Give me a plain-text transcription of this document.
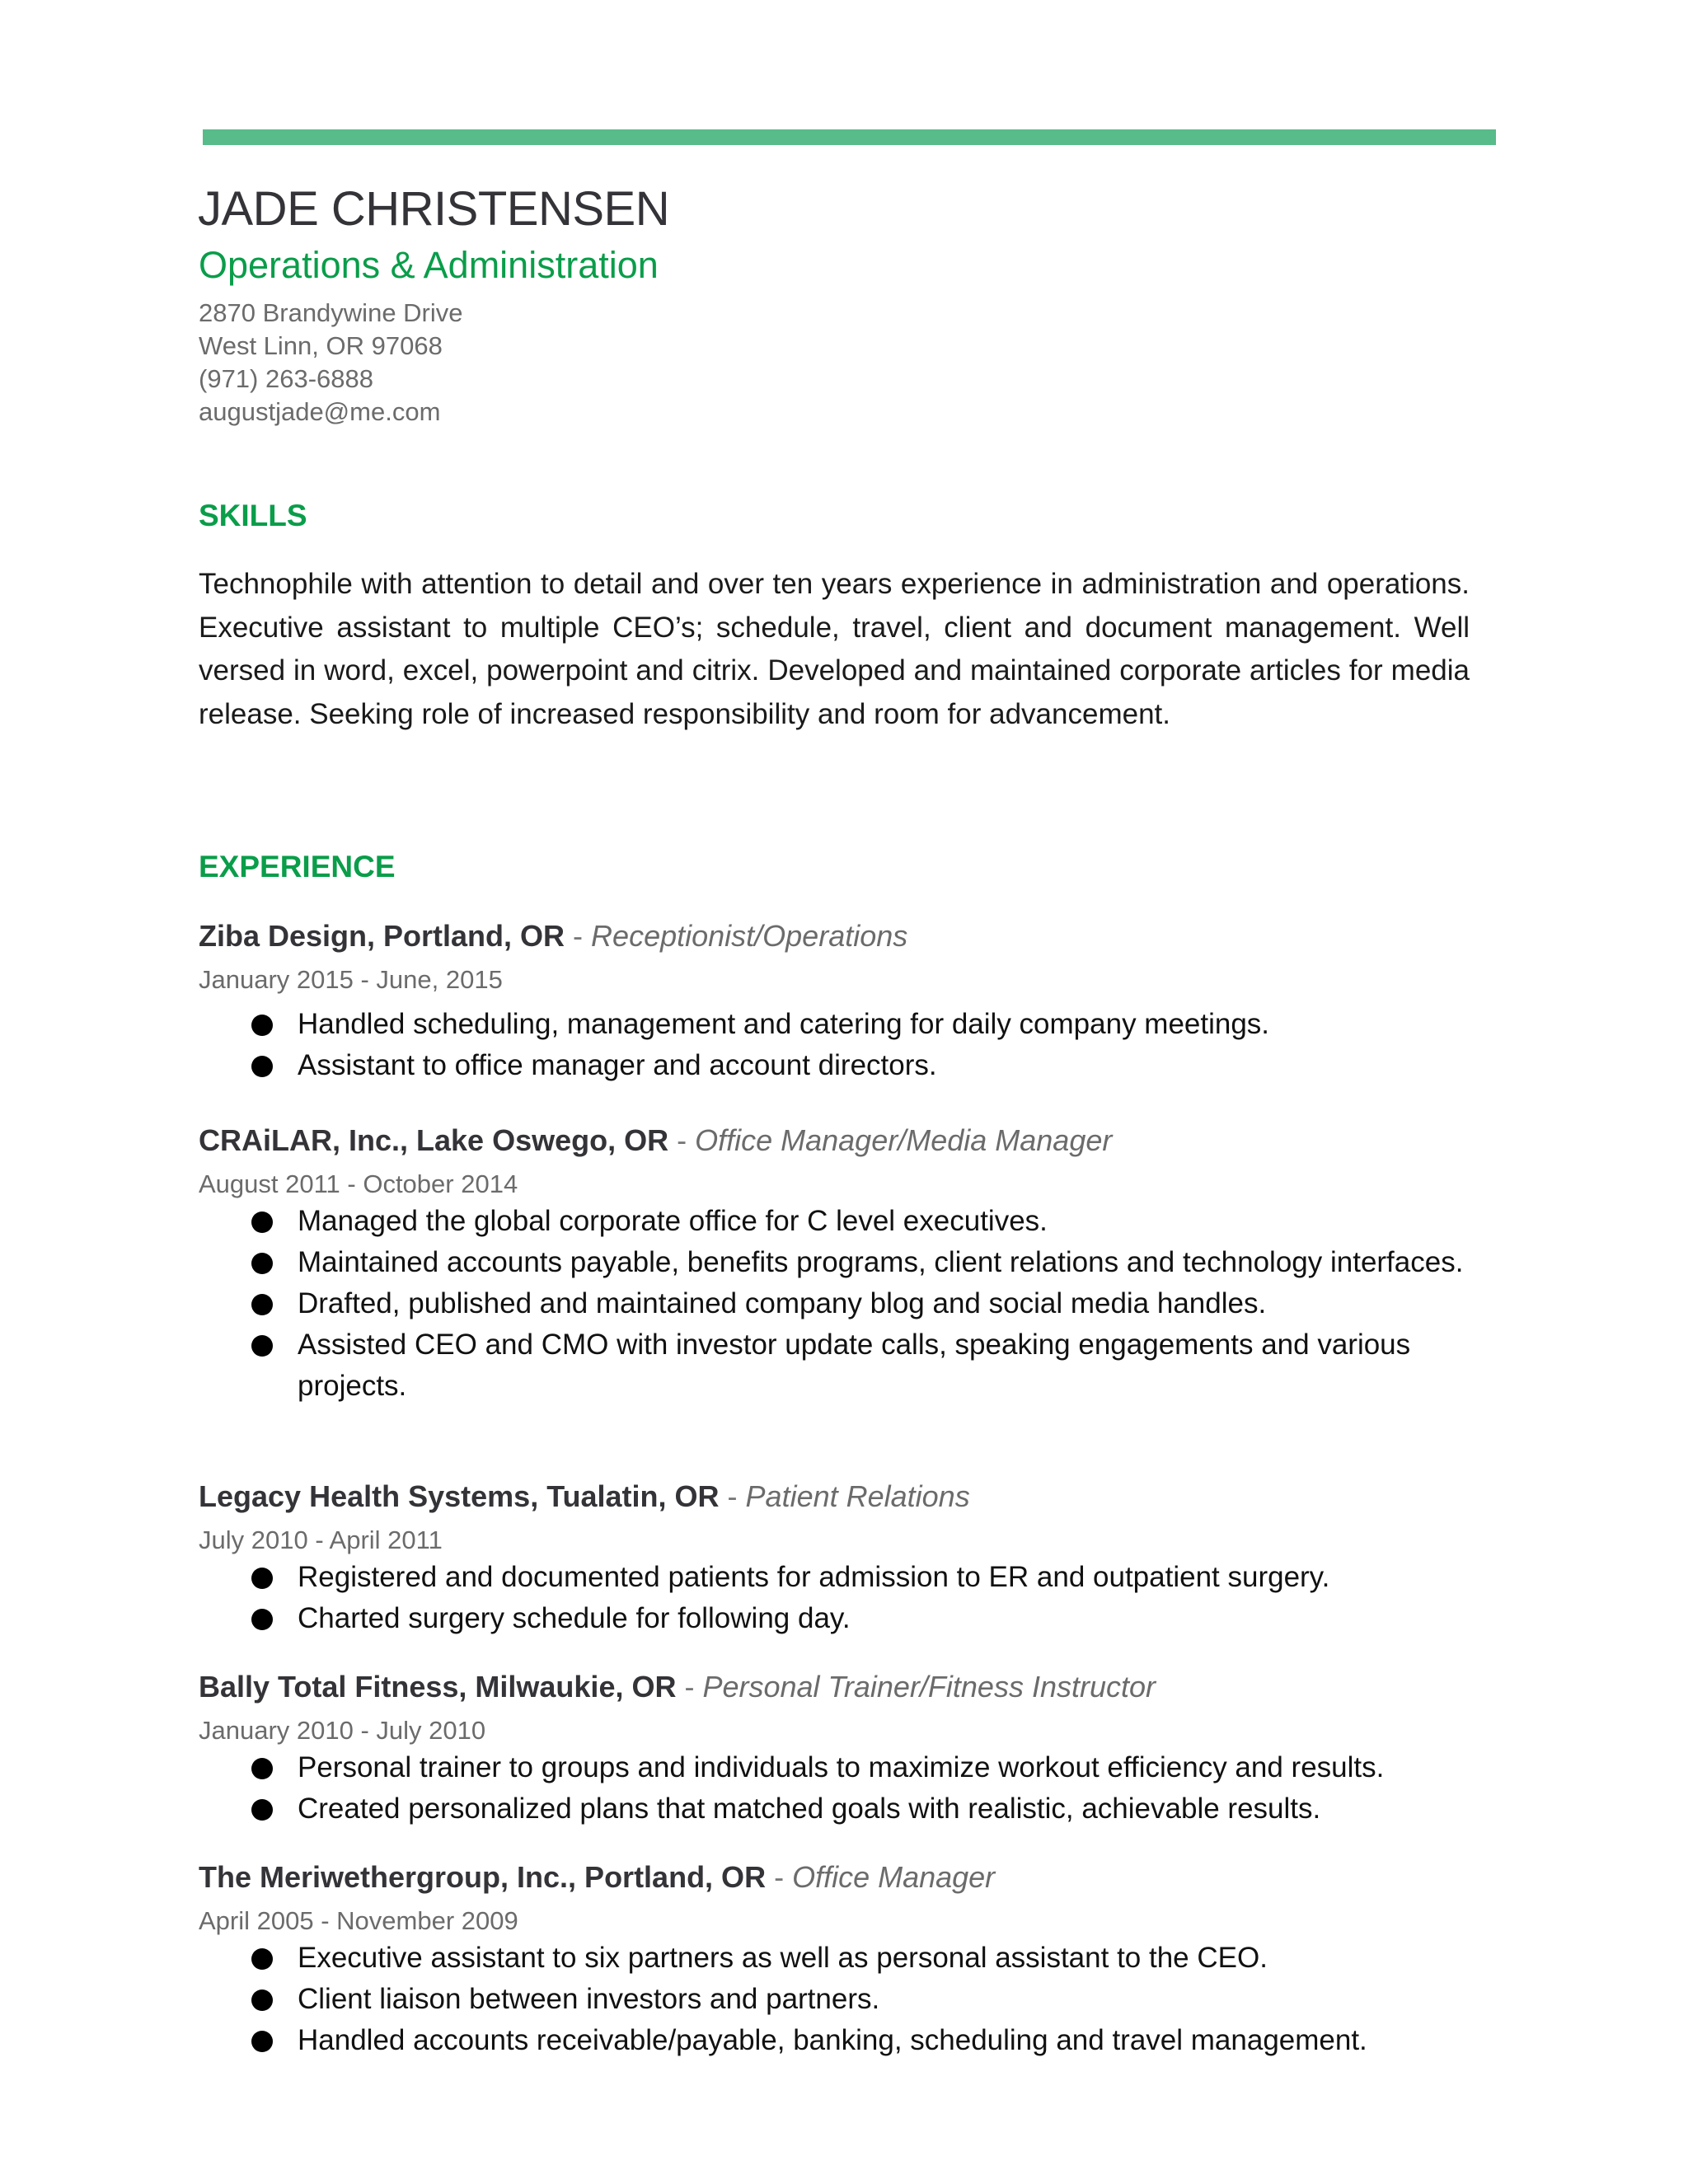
JADE CHRISTENSEN
Operations & Administration
2870 Brandywine Drive
West Linn, OR 97068
(971) 263-6888
augustjade@me.com
SKILLS

Technophile with attention to detail and over ten years experience in administration and operations. Executive assistant to multiple CEO’s; schedule, travel, client and document management. Well versed in word, excel, powerpoint and citrix. Developed and maintained corporate articles for media release. Seeking role of increased responsibility and room for advancement.

EXPERIENCE
Ziba Design, Portland, OR - Receptionist/Operations
January 2015 - June, 2015
Handled scheduling, management and catering for daily company meetings.
Assistant to office manager and account directors.
CRAiLAR, Inc., Lake Oswego, OR - Office Manager/Media Manager
August 2011 - October 2014
Managed the global corporate office for C level executives.
Maintained accounts payable, benefits programs, client relations and technology interfaces.
Drafted, published and maintained company blog and social media handles.
Assisted CEO and CMO with investor update calls, speaking engagements and various projects.
Legacy Health Systems, Tualatin, OR - Patient Relations
July 2010 - April 2011
Registered and documented patients for admission to ER and outpatient surgery.
Charted surgery schedule for following day.
Bally Total Fitness, Milwaukie, OR - Personal Trainer/Fitness Instructor
January 2010 - July 2010
Personal trainer to groups and individuals to maximize workout efficiency and results.
Created personalized plans that matched goals with realistic, achievable results.
The Meriwethergroup, Inc., Portland, OR - Office Manager
April 2005 - November 2009
Executive assistant to six partners as well as personal assistant to the CEO.
Client liaison between investors and partners.
Handled accounts receivable/payable, banking, scheduling and travel management.
